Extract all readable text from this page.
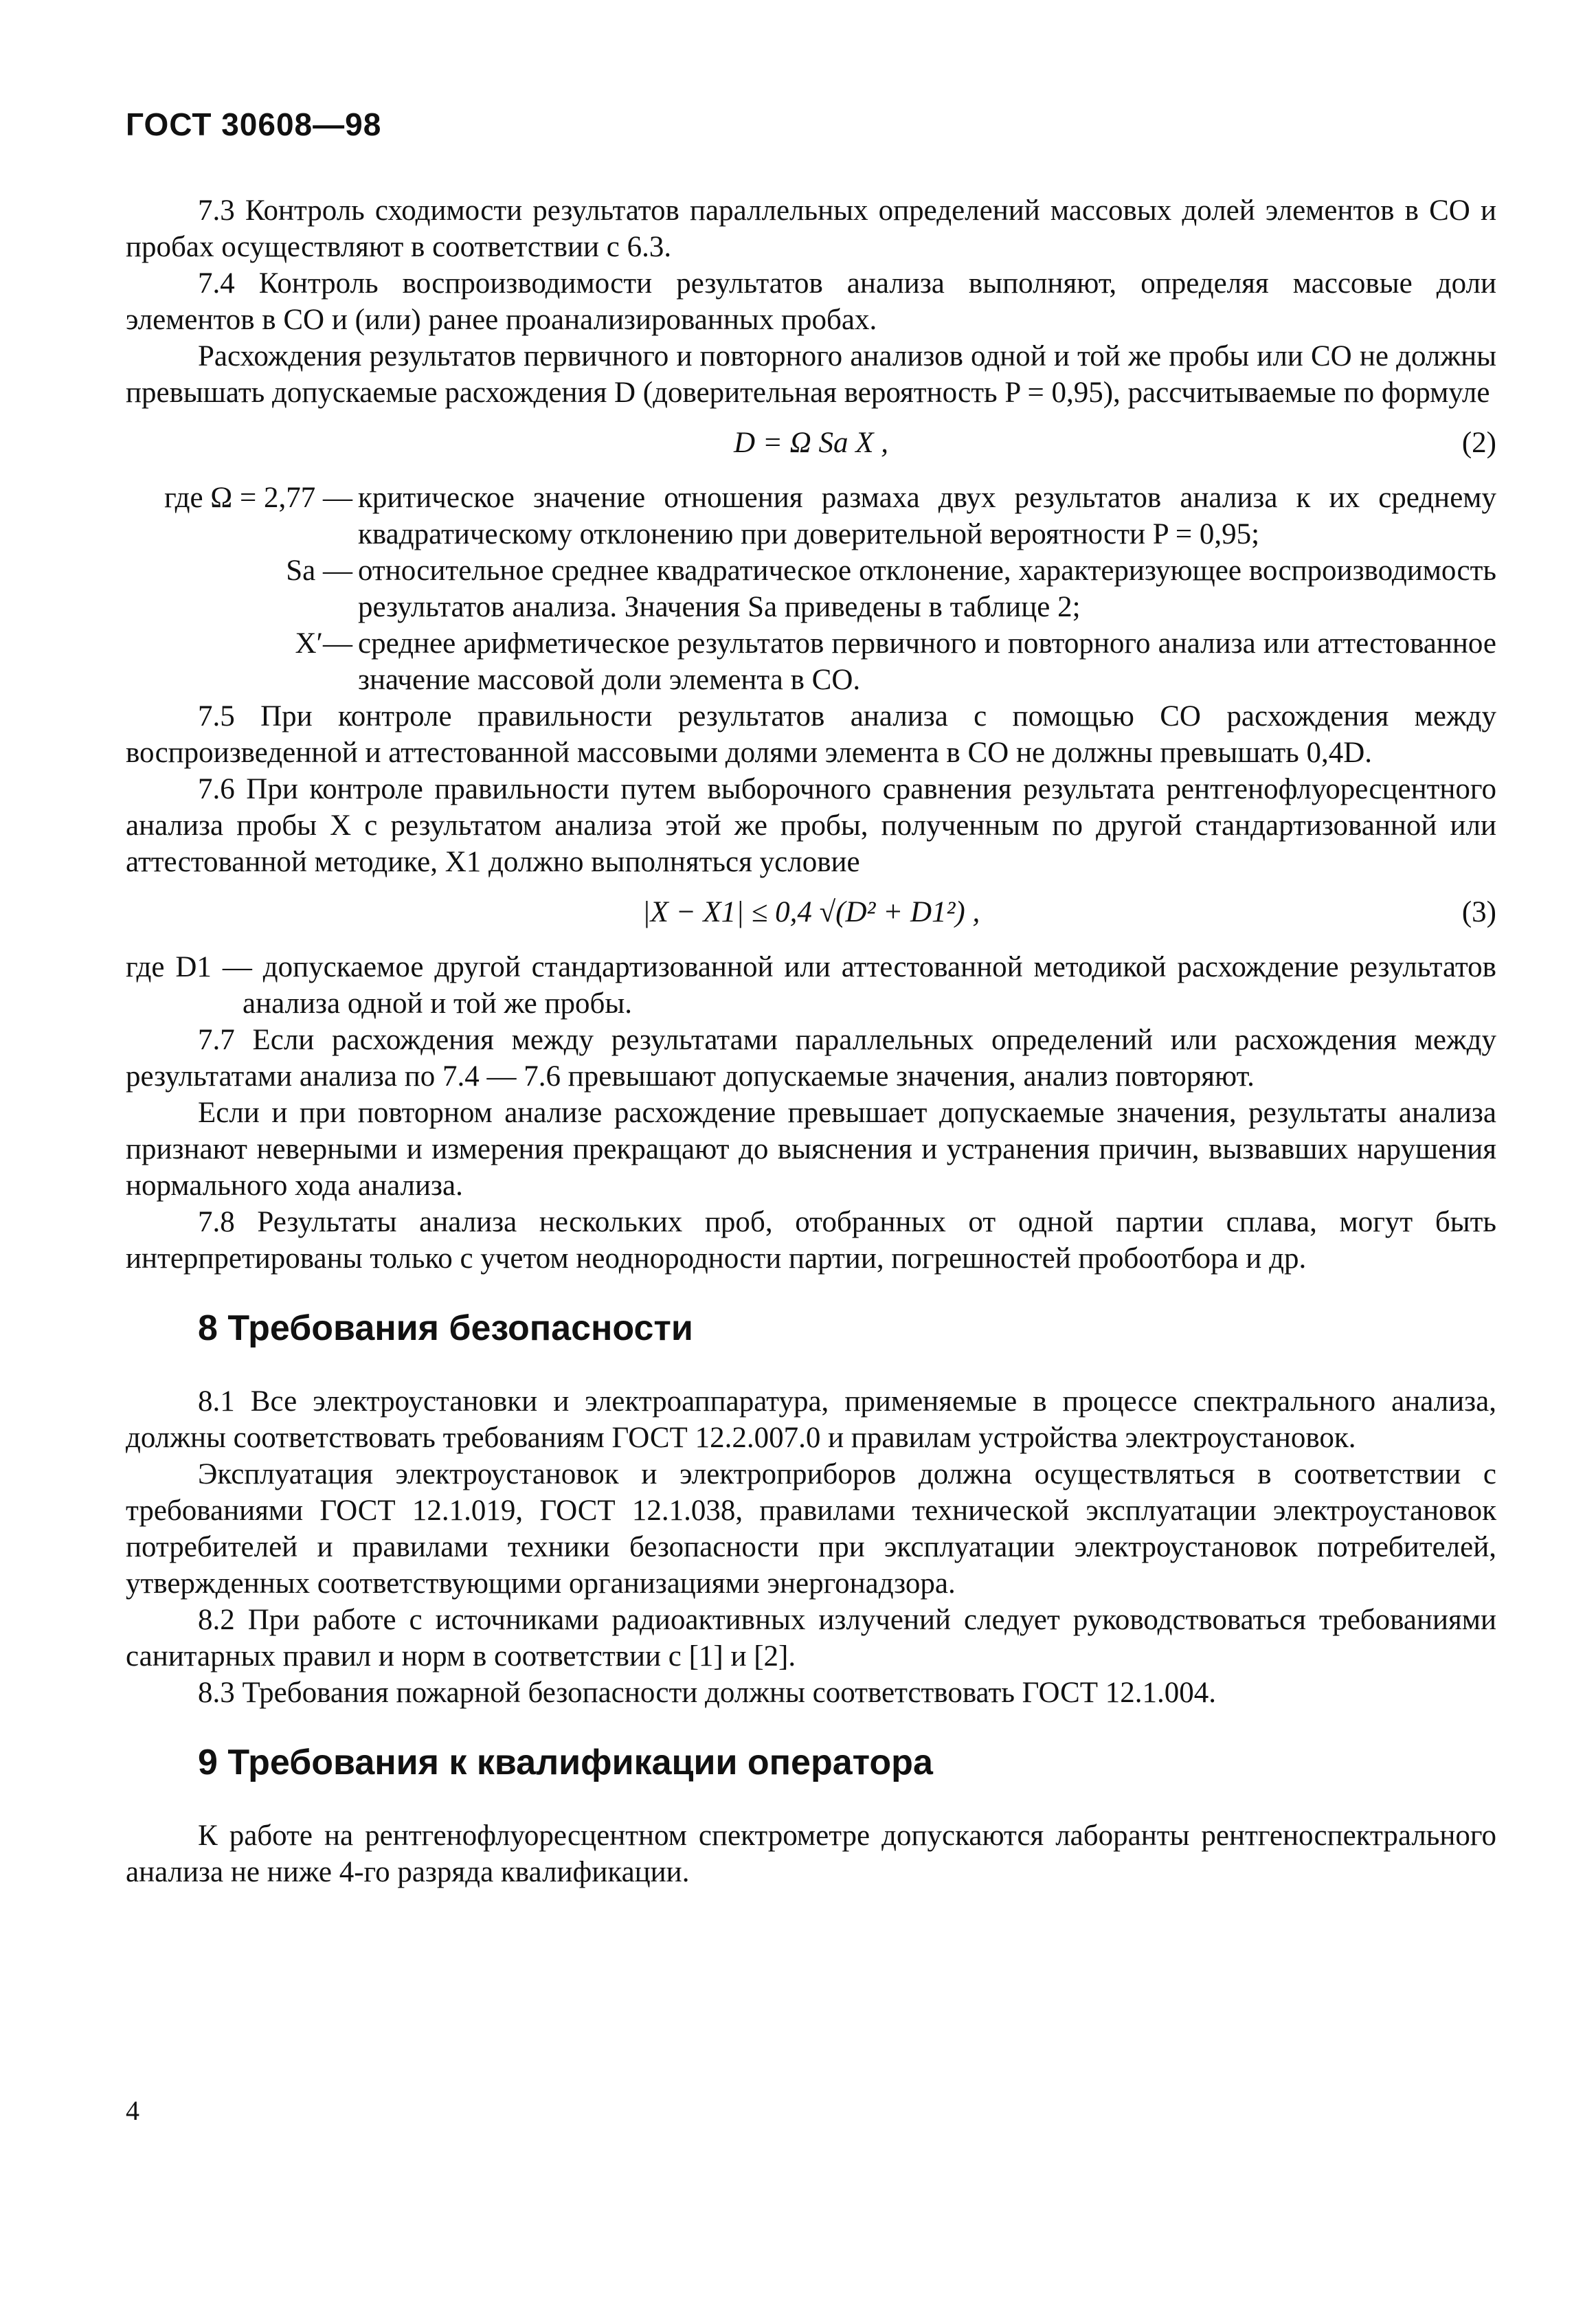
ГОСТ 30608—98

7.3 Контроль сходимости результатов параллельных определений массовых долей элементов в СО и пробах осуществляют в соответствии с 6.3.

7.4 Контроль воспроизводимости результатов анализа выполняют, определяя массовые доли элементов в СО и (или) ранее проанализированных пробах.

Расхождения результатов первичного и повторного анализов одной и той же пробы или СО не должны превышать допускаемые расхождения D (доверительная вероятность P = 0,95), рассчитываемые по формуле

D = Ω Sa X ,	(2)
где Ω = 2,77 — критическое значение отношения размаха двух результатов анализа к их среднему квадратическому отклонению при доверительной вероятности P = 0,95;
Sa — относительное среднее квадратическое отклонение, характеризующее воспроизводимость результатов анализа. Значения Sa приведены в таблице 2;
X′— среднее арифметическое результатов первичного и повторного анализа или аттестованное значение массовой доли элемента в СО.

7.5 При контроле правильности результатов анализа с помощью СО расхождения между воспроизведенной и аттестованной массовыми долями элемента в СО не должны превышать 0,4D.

7.6 При контроле правильности путем выборочного сравнения результата рентгенофлуоресцентного анализа пробы X с результатом анализа этой же пробы, полученным по другой стандартизованной или аттестованной методике, X1 должно выполняться условие

|X − X1| ≤ 0,4 √(D² + D1²) ,	(3)

где D1 — допускаемое другой стандартизованной или аттестованной методикой расхождение результатов анализа одной и той же пробы.

7.7 Если расхождения между результатами параллельных определений или расхождения между результатами анализа по 7.4 — 7.6 превышают допускаемые значения, анализ повторяют.

Если и при повторном анализе расхождение превышает допускаемые значения, результаты анализа признают неверными и измерения прекращают до выяснения и устранения причин, вызвавших нарушения нормального хода анализа.

7.8 Результаты анализа нескольких проб, отобранных от одной партии сплава, могут быть интерпретированы только с учетом неоднородности партии, погрешностей пробоотбора и др.

8 Требования безопасности

8.1 Все электроустановки и электроаппаратура, применяемые в процессе спектрального анализа, должны соответствовать требованиям ГОСТ 12.2.007.0 и правилам устройства электроустановок.

Эксплуатация электроустановок и электроприборов должна осуществляться в соответствии с требованиями ГОСТ 12.1.019, ГОСТ 12.1.038, правилами технической эксплуатации электроустановок потребителей и правилами техники безопасности при эксплуатации электроустановок потребителей, утвержденных соответствующими организациями энергонадзора.

8.2 При работе с источниками радиоактивных излучений следует руководствоваться требованиями санитарных правил и норм в соответствии с [1] и [2].

8.3 Требования пожарной безопасности должны соответствовать ГОСТ 12.1.004.

9 Требования к квалификации оператора

К работе на рентгенофлуоресцентном спектрометре допускаются лаборанты рентгеноспектрального анализа не ниже 4-го разряда квалификации.

4
